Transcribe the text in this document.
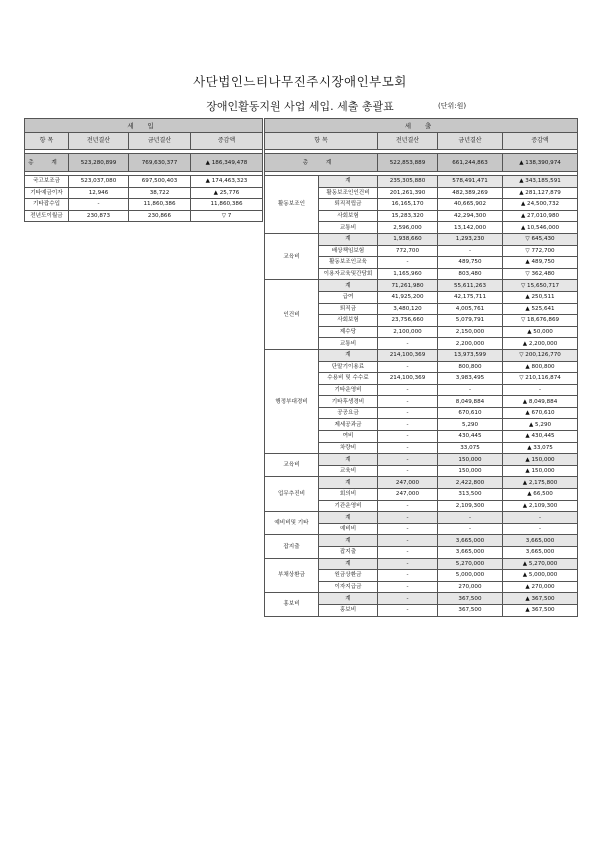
사단법인느티나무진주시장애인부모회
장애인활동지원 사업 세입. 세출 총괄표	(단위:원)
세 입			
항 목	전년결산	금년결산	증감액

총 계	523,280,899	769,630,377	▲ 186,349,478

국고보조금	523,037,080	697,500,403	▲ 174,463,323
기타예금이자	12,946	38,722	▲ 25,776
기타잡수입	-	11,860,386	11,860,386
전년도이월금	230,873	230,866	▽ 7
세 출				
항 목		전년결산	금년결산	증감액

총 계		522,853,889	661,244,863	▲ 138,390,974

활동보조인	계	235,305,880	578,491,471	▲ 343,185,591
	활동보조인인건비	201,261,390	482,389,269	▲ 281,127,879
	퇴직적립금	16,165,170	40,665,902	▲ 24,500,732
	사회보험	15,283,320	42,294,300	▲ 27,010,980
	교통비	2,596,000	13,142,000	▲ 10,546,000
교육비	계	1,938,660	1,293,230	▽ 645,430
	배상책임보험	772,700	-	▽ 772,700
	활동보조인교육	-	489,750	▲ 489,750
	이용자교육및간담회	1,165,960	803,480	▽ 362,480
인건비	계	71,261,980	55,611,263	▽ 15,650,717
	급여	41,925,200	42,175,711	▲ 250,511
	퇴직금	3,480,120	4,005,761	▲ 525,641
	사회보험	23,756,660	5,079,791	▽ 18,676,869
	제수당	2,100,000	2,150,000	▲ 50,000
	교통비	-	2,200,000	▲ 2,200,000
행정부대경비	계	214,100,369	13,973,599	▽ 200,126,770
	단말기이용료	-	800,800	▲ 800,800
	수용비 및 수수료	214,100,369	3,983,495	▽ 210,116,874
	기타운영비	-	-	-
	기타후생경비	-	8,049,884	▲ 8,049,884
	공공요금	-	670,610	▲ 670,610
	제세공과금	-	5,290	▲ 5,290
	여비	-	430,445	▲ 430,445
	차량비	-	33,075	▲ 33,075
교육비	계	-	150,000	▲ 150,000
	교육비	-	150,000	▲ 150,000
업무추진비	계	247,000	2,422,800	▲ 2,175,800
	회의비	247,000	313,500	▲ 66,500
	기관운영비	-	2,109,300	▲ 2,109,300
예비비및 기타	계	-	-	-
	예비비	-	-	-
잡지출	계	-	3,665,000	3,665,000
	잡지출	-	3,665,000	3,665,000
부채상환금	계	-	5,270,000	▲ 5,270,000
	원금상환금	-	5,000,000	▲ 5,000,000
	이자지급금	-	270,000	▲ 270,000
홍보비	계	-	367,500	▲ 367,500
	홍보비	-	367,500	▲ 367,500
